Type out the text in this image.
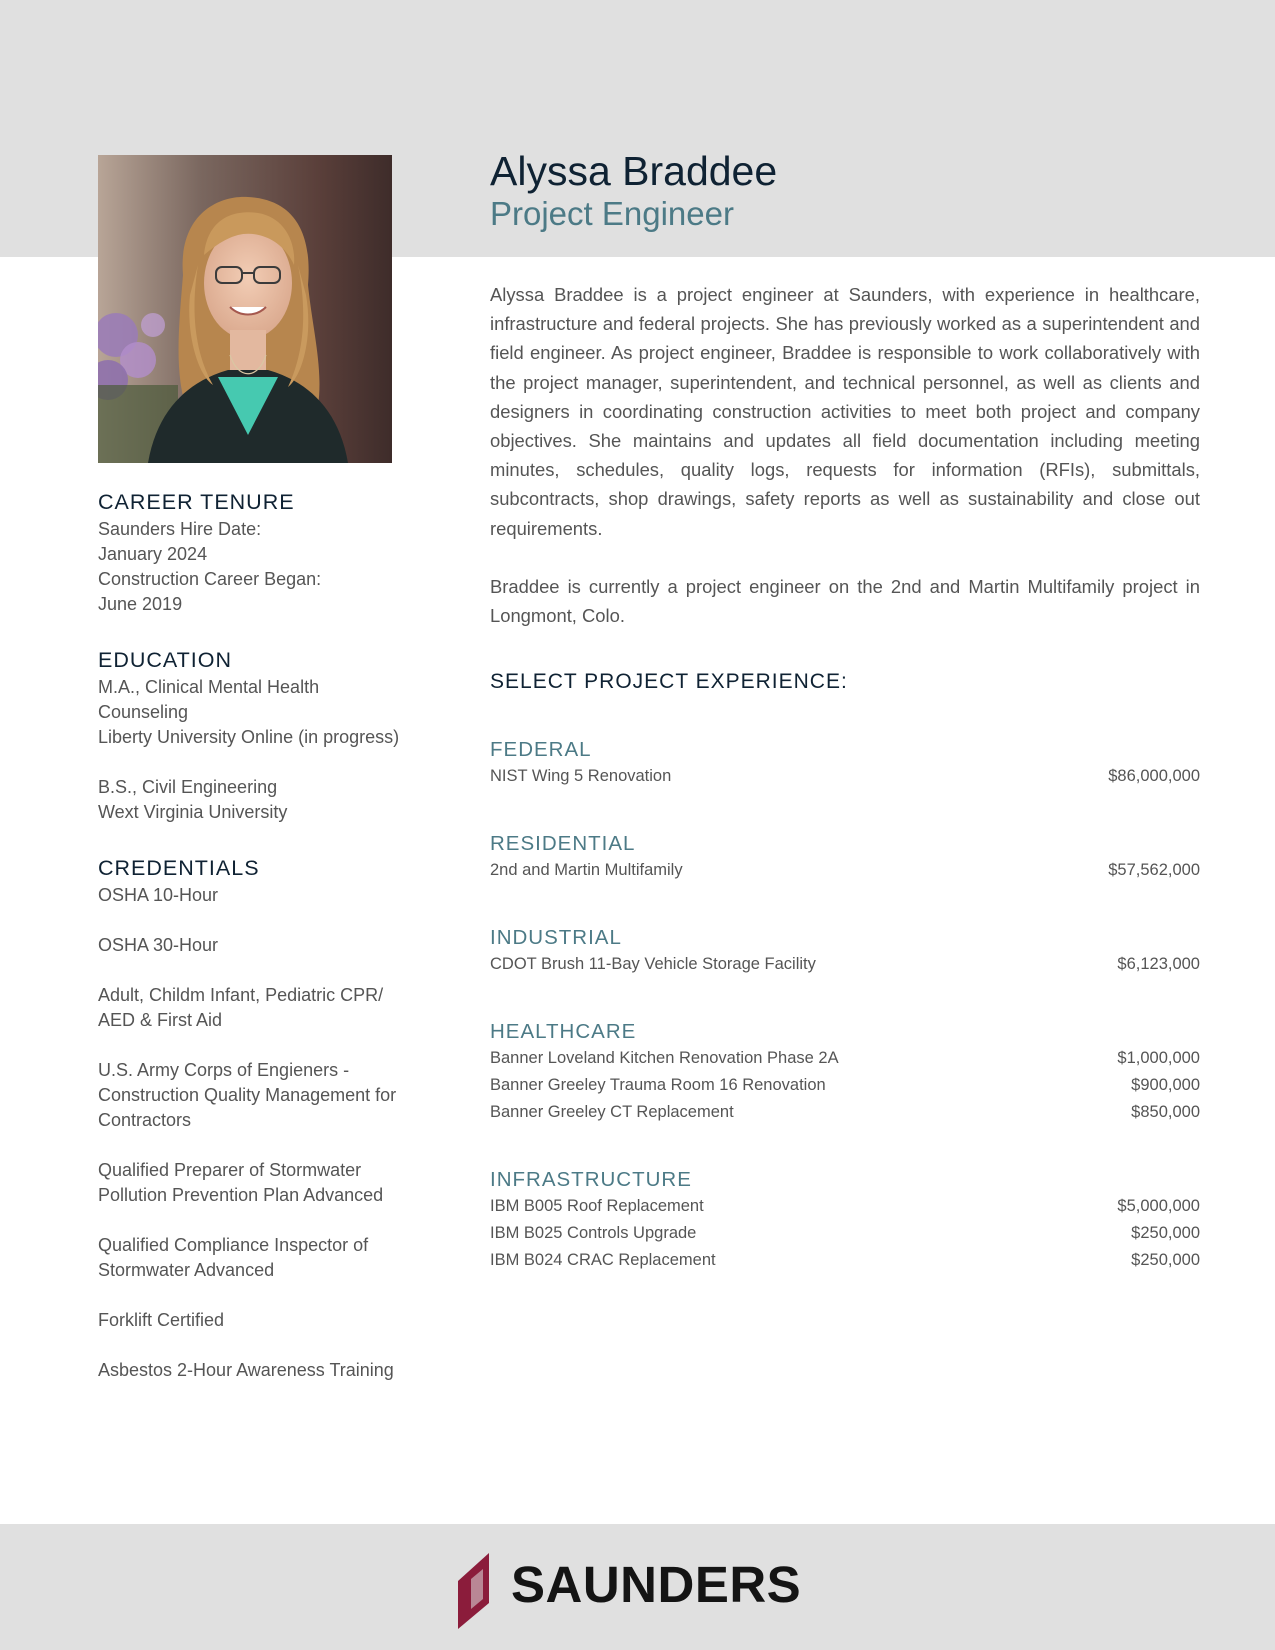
Alyssa Braddee
Project Engineer

Alyssa Braddee is a project engineer at Saunders, with experience in healthcare, infrastructure and federal projects. She has previously worked as a superintendent and field engineer. As project engineer, Braddee is responsible to work collaboratively with the project manager, superintendent, and technical personnel, as well as clients and designers in coordinating construction activities to meet both project and company objectives. She maintains and updates all field documentation including meeting minutes, schedules, quality logs, requests for information (RFIs), submittals, subcontracts, shop drawings, safety reports as well as sustainability and close out requirements.

Braddee is currently a project engineer on the 2nd and Martin Multifamily project in Longmont, Colo.

SELECT PROJECT EXPERIENCE:
CAREER TENURE
Saunders Hire Date:
January 2024
Construction Career Began:
June 2019
EDUCATION
M.A., Clinical Mental Health
Counseling
Liberty University Online (in progress)
B.S., Civil Engineering
Wext Virginia University
CREDENTIALS
OSHA 10-Hour
OSHA 30-Hour
Adult, Childm Infant, Pediatric CPR/
AED & First Aid
U.S. Army Corps of Engieners -
Construction Quality Management for
Contractors
Qualified Preparer of Stormwater
Pollution Prevention Plan Advanced
Qualified Compliance Inspector of
Stormwater Advanced
Forklift Certified
Asbestos 2-Hour Awareness Training
FEDERAL
NIST Wing 5 Renovation	$86,000,000
RESIDENTIAL
2nd and Martin Multifamily	$57,562,000
INDUSTRIAL
CDOT Brush 11-Bay Vehicle Storage Facility	$6,123,000
HEALTHCARE
Banner Loveland Kitchen Renovation Phase 2A	$1,000,000
Banner Greeley Trauma Room 16 Renovation	$900,000
Banner Greeley CT Replacement	$850,000
INFRASTRUCTURE
IBM B005 Roof Replacement	$5,000,000
IBM B025 Controls Upgrade	$250,000
IBM B024 CRAC Replacement	$250,000
SAUNDERS
